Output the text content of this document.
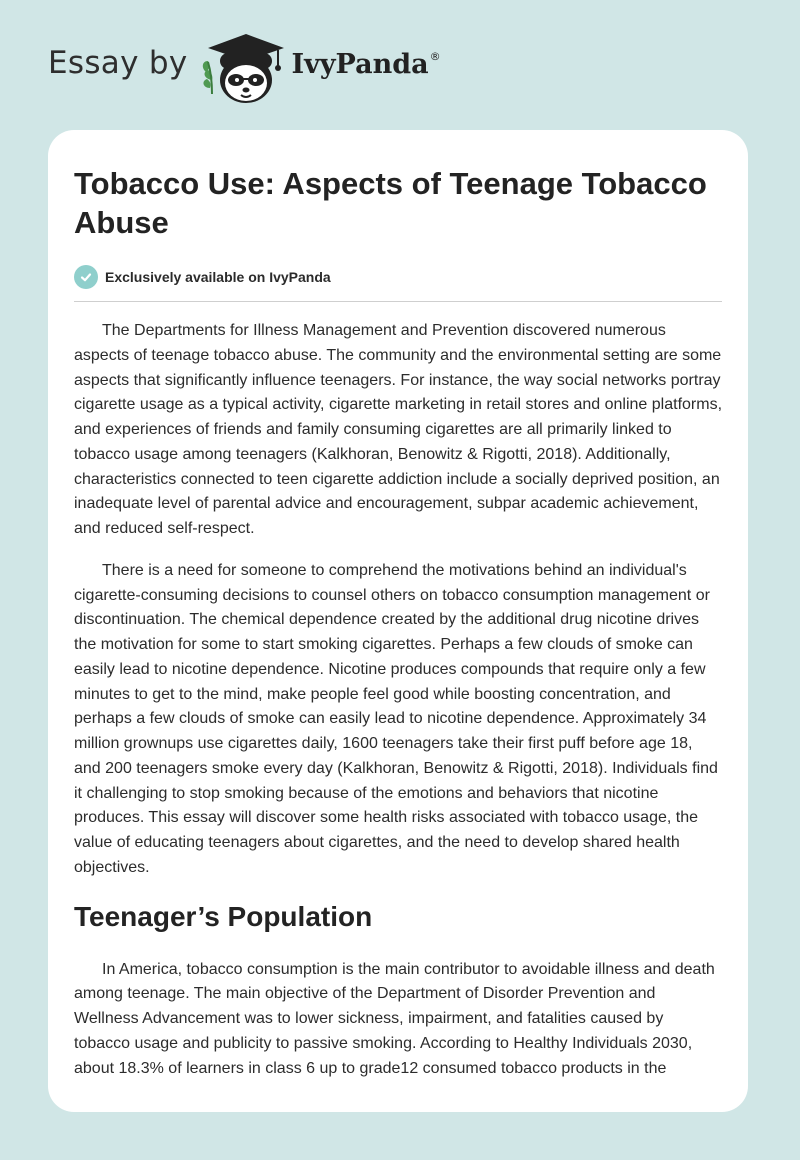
Essay by	IvyPanda®
Tobacco Use: Aspects of Teenage Tobacco Abuse
Exclusively available on IvyPanda

The Departments for Illness Management and Prevention discovered numerous aspects of teenage tobacco abuse. The community and the environmental setting are some aspects that significantly influence teenagers. For instance, the way social networks portray cigarette usage as a typical activity, cigarette marketing in retail stores and online platforms, and experiences of friends and family consuming cigarettes are all primarily linked to tobacco usage among teenagers (Kalkhoran, Benowitz & Rigotti, 2018). Additionally, characteristics connected to teen cigarette addiction include a socially deprived position, an inadequate level of parental advice and encouragement, subpar academic achievement, and reduced self-respect.

There is a need for someone to comprehend the motivations behind an individual's cigarette-consuming decisions to counsel others on tobacco consumption management or discontinuation. The chemical dependence created by the additional drug nicotine drives the motivation for some to start smoking cigarettes. Perhaps a few clouds of smoke can easily lead to nicotine dependence. Nicotine produces compounds that require only a few minutes to get to the mind, make people feel good while boosting concentration, and perhaps a few clouds of smoke can easily lead to nicotine dependence. Approximately 34 million grownups use cigarettes daily, 1600 teenagers take their first puff before age 18, and 200 teenagers smoke every day (Kalkhoran, Benowitz & Rigotti, 2018). Individuals find it challenging to stop smoking because of the emotions and behaviors that nicotine produces. This essay will discover some health risks associated with tobacco usage, the value of educating teenagers about cigarettes, and the need to develop shared health objectives.

Teenager’s Population

In America, tobacco consumption is the main contributor to avoidable illness and death among teenage. The main objective of the Department of Disorder Prevention and Wellness Advancement was to lower sickness, impairment, and fatalities caused by tobacco usage and publicity to passive smoking. According to Healthy Individuals 2030, about 18.3% of learners in class 6 up to grade12 consumed tobacco products in the
